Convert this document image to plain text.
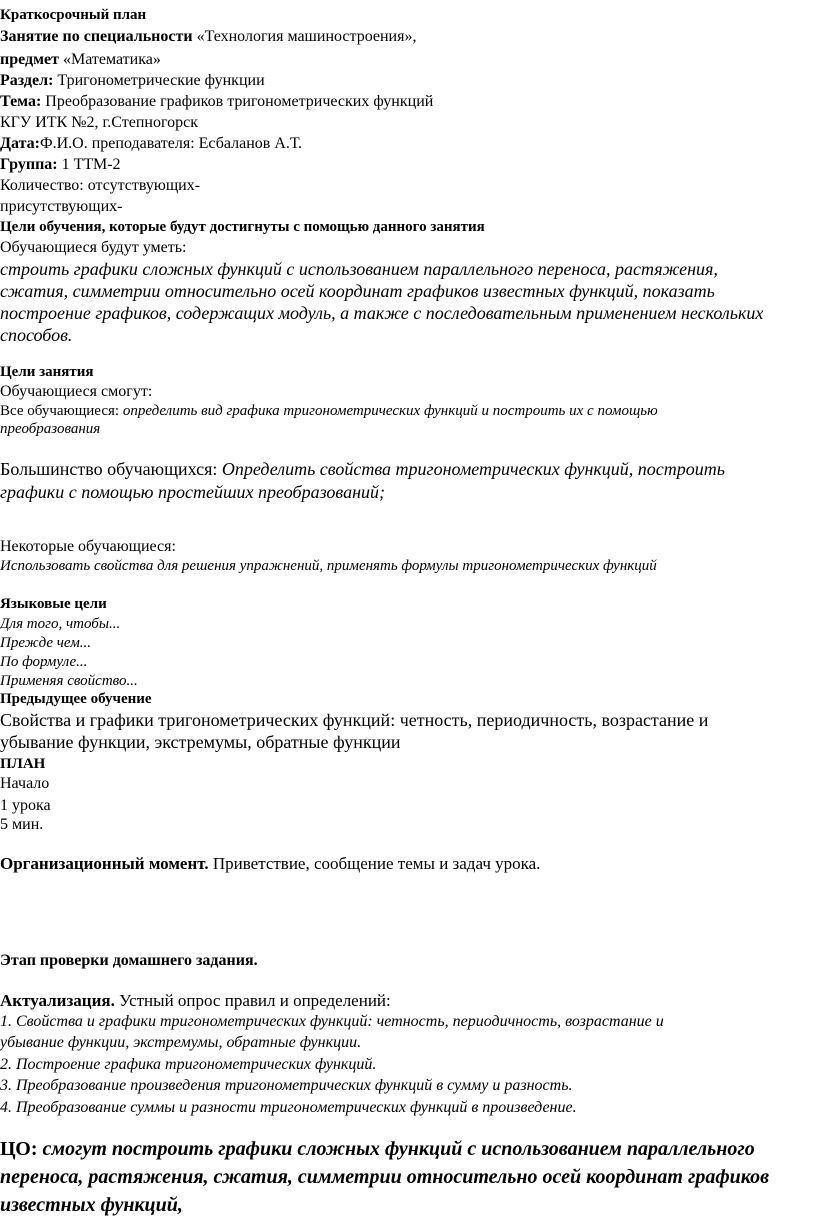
Краткосрочный план
Занятие по специальности «Технология машиностроения»,
предмет «Математика»
Раздел: Тригонометрические функции
Тема: Преобразование графиков тригонометрических функций
КГУ ИТК №2, г.Степногорск
Дата:Ф.И.О. преподавателя: Есбаланов А.Т.
Группа: 1 ТТМ-2
Количество: отсутствующих-
присутствующих-
Цели обучения, которые будут достигнуты с помощью данного занятия
Обучающиеся будут уметь:
строить графики сложных функций с использованием параллельного переноса, растяжения,
сжатия, симметрии относительно осей координат графиков известных функций, показать
построение графиков, содержащих модуль, а также с последовательным применением нескольких
способов.
Цели занятия
Обучающиеся смогут:
Все обучающиеся: определить вид графика тригонометрических функций и построить их с помощью
преобразования
Большинство обучающихся: Определить свойства тригонометрических функций, построить
графики с помощью простейших преобразований;
Некоторые обучающиеся:
Использовать свойства для решения упражнений, применять формулы тригонометрических функций
Языковые цели
Для того, чтобы...
Прежде чем...
По формуле...
Применяя свойство...
Предыдущее обучение
Свойства и графики тригонометрических функций: четность, периодичность, возрастание и
убывание функции, экстремумы, обратные функции
ПЛАН
Начало
1 урока
5 мин.
Организационный момент. Приветствие, сообщение темы и задач урока.
Этап проверки домашнего задания.
Актуализация. Устный опрос правил и определений:
1. Свойства и графики тригонометрических функций: четность, периодичность, возрастание и
убывание функции, экстремумы, обратные функции.
2. Построение графика тригонометрических функций.
3. Преобразование произведения тригонометрических функций в сумму и разность.
4. Преобразование суммы и разности тригонометрических функций в произведение.
ЦО: смогут построить графики сложных функций с использованием параллельного
переноса, растяжения, сжатия, симметрии относительно осей координат графиков
известных функций,
